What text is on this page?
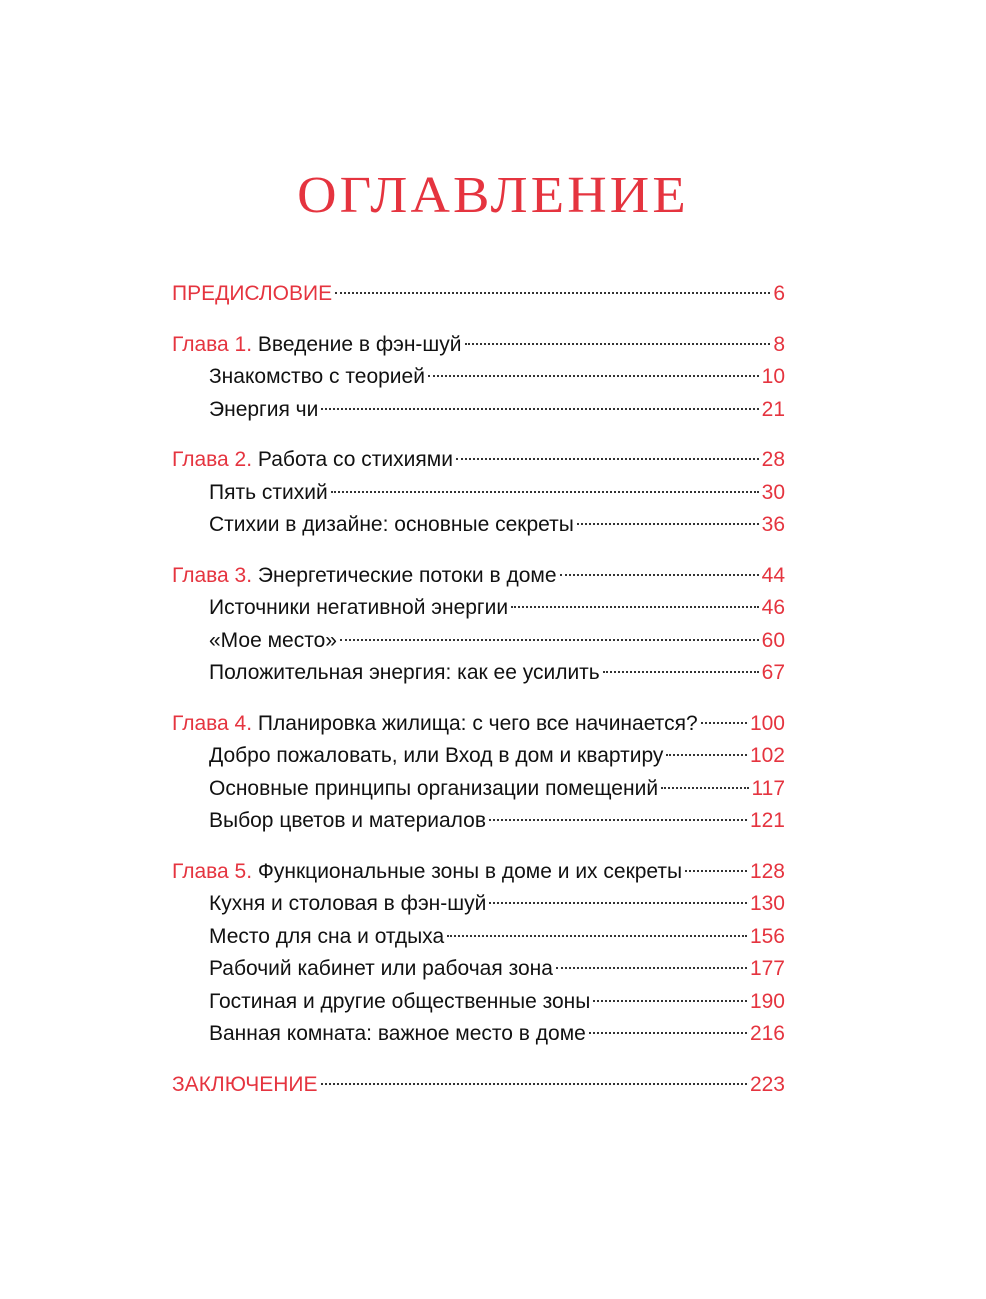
ОГЛАВЛЕНИЕ
ПРЕДИСЛОВИЕ	6
Глава 1. Введение в фэн-шуй	8
Знакомство с теорией	10
Энергия чи	21
Глава 2. Работа со стихиями	28
Пять стихий	30
Стихии в дизайне: основные секреты	36
Глава 3. Энергетические потоки в доме	44
Источники негативной энергии	46
«Мое место»	60
Положительная энергия: как ее усилить	67
Глава 4. Планировка жилища: с чего все начинается? 100
Добро пожаловать, или Вход в дом и квартиру	102
Основные принципы организации помещений	117
Выбор цветов и материалов	121
Глава 5. Функциональные зоны в доме и их секреты	128
Кухня и столовая в фэн-шуй	130
Место для сна и отдыха	156
Рабочий кабинет или рабочая зона	177
Гостиная и другие общественные зоны	190
Ванная комната: важное место в доме	216
ЗАКЛЮЧЕНИЕ	223
